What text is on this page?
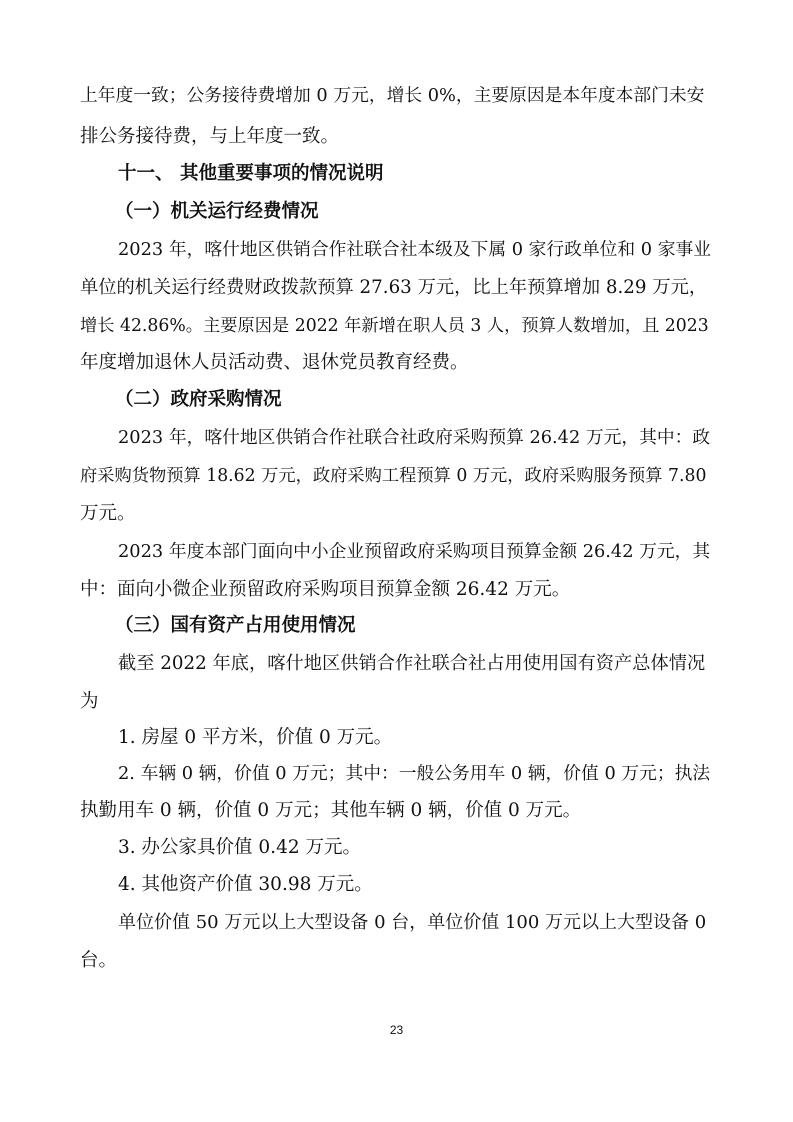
上年度一致；公务接待费增加 0 万元，增长 0%，主要原因是本年度本部门未安
排公务接待费，与上年度一致。
十一、 其他重要事项的情况说明
（一）机关运行经费情况
2023 年，喀什地区供销合作社联合社本级及下属 0 家行政单位和 0 家事业
单位的机关运行经费财政拨款预算 27.63 万元，比上年预算增加 8.29 万元，
增长 42.86%。主要原因是 2022 年新增在职人员 3 人，预算人数增加，且 2023
年度增加退休人员活动费、退休党员教育经费。
（二）政府采购情况
2023 年，喀什地区供销合作社联合社政府采购预算 26.42 万元，其中：政
府采购货物预算 18.62 万元，政府采购工程预算 0 万元，政府采购服务预算 7.80
万元。
2023 年度本部门面向中小企业预留政府采购项目预算金额 26.42 万元，其
中：面向小微企业预留政府采购项目预算金额 26.42 万元。
（三）国有资产占用使用情况
截至 2022 年底，喀什地区供销合作社联合社占用使用国有资产总体情况
为
1. 房屋 0 平方米，价值 0 万元。
2. 车辆 0 辆，价值 0 万元；其中：一般公务用车 0 辆，价值 0 万元；执法
执勤用车 0 辆，价值 0 万元；其他车辆 0 辆，价值 0 万元。
3. 办公家具价值 0.42 万元。
4. 其他资产价值 30.98 万元。
单位价值 50 万元以上大型设备 0 台，单位价值 100 万元以上大型设备 0
台。
23
